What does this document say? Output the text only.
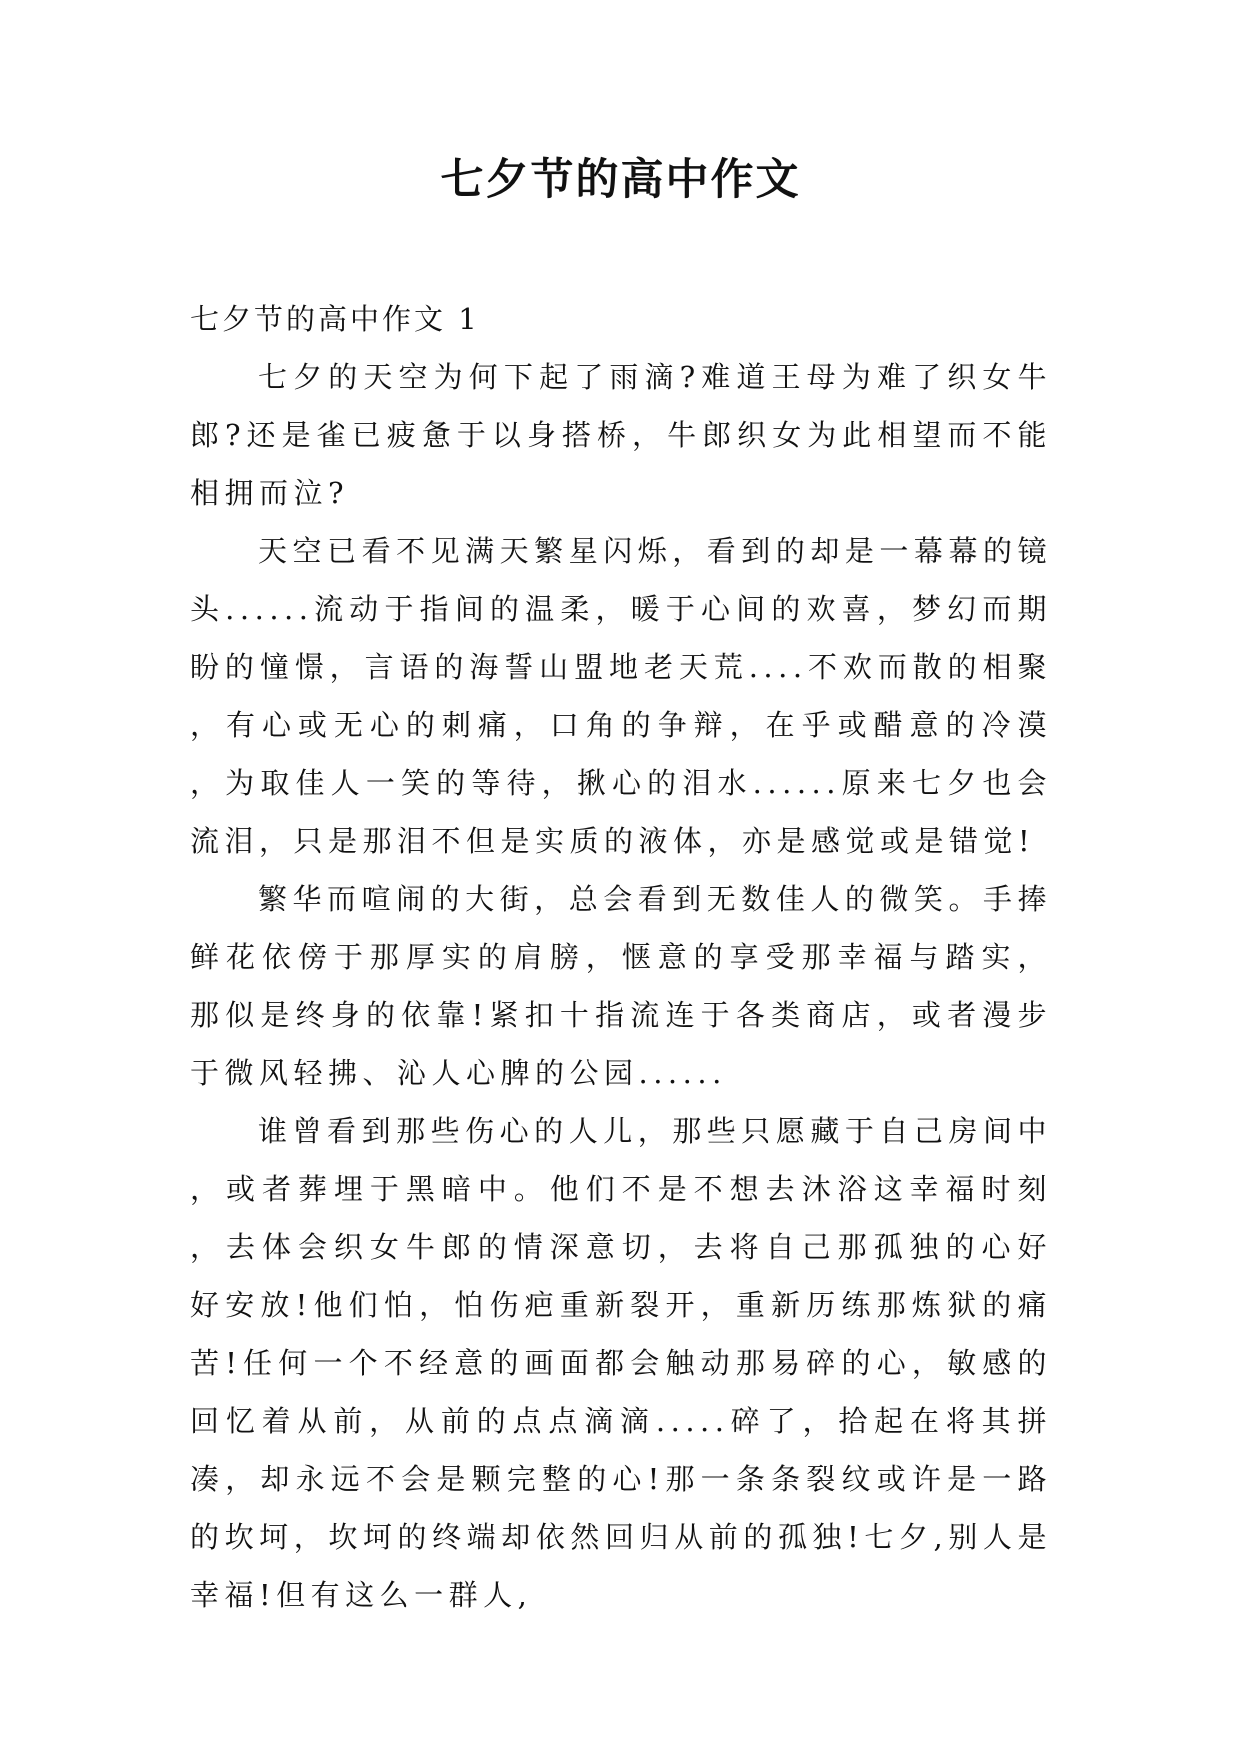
七夕节的高中作文

七夕节的高中作文 1

七夕的天空为何下起了雨滴?难道王母为难了织女牛郎?还是雀已疲惫于以身搭桥，牛郎织女为此相望而不能相拥而泣?

天空已看不见满天繁星闪烁，看到的却是一幕幕的镜头......流动于指间的温柔，暖于心间的欢喜，梦幻而期盼的憧憬，言语的海誓山盟地老天荒....不欢而散的相聚，有心或无心的刺痛，口角的争辩，在乎或醋意的冷漠，为取佳人一笑的等待，揪心的泪水......原来七夕也会流泪，只是那泪不但是实质的液体，亦是感觉或是错觉!

繁华而喧闹的大街，总会看到无数佳人的微笑。手捧鲜花依傍于那厚实的肩膀，惬意的享受那幸福与踏实，那似是终身的依靠!紧扣十指流连于各类商店，或者漫步于微风轻拂、沁人心脾的公园......

谁曾看到那些伤心的人儿，那些只愿藏于自己房间中，或者葬埋于黑暗中。他们不是不想去沐浴这幸福时刻，去体会织女牛郎的情深意切，去将自己那孤独的心好好安放!他们怕，怕伤疤重新裂开，重新历练那炼狱的痛苦!任何一个不经意的画面都会触动那易碎的心，敏感的回忆着从前，从前的点点滴滴.....碎了，拾起在将其拼凑，却永远不会是颗完整的心!那一条条裂纹或许是一路的坎坷，坎坷的终端却依然回归从前的孤独!七夕,别人是幸福!但有这么一群人,
